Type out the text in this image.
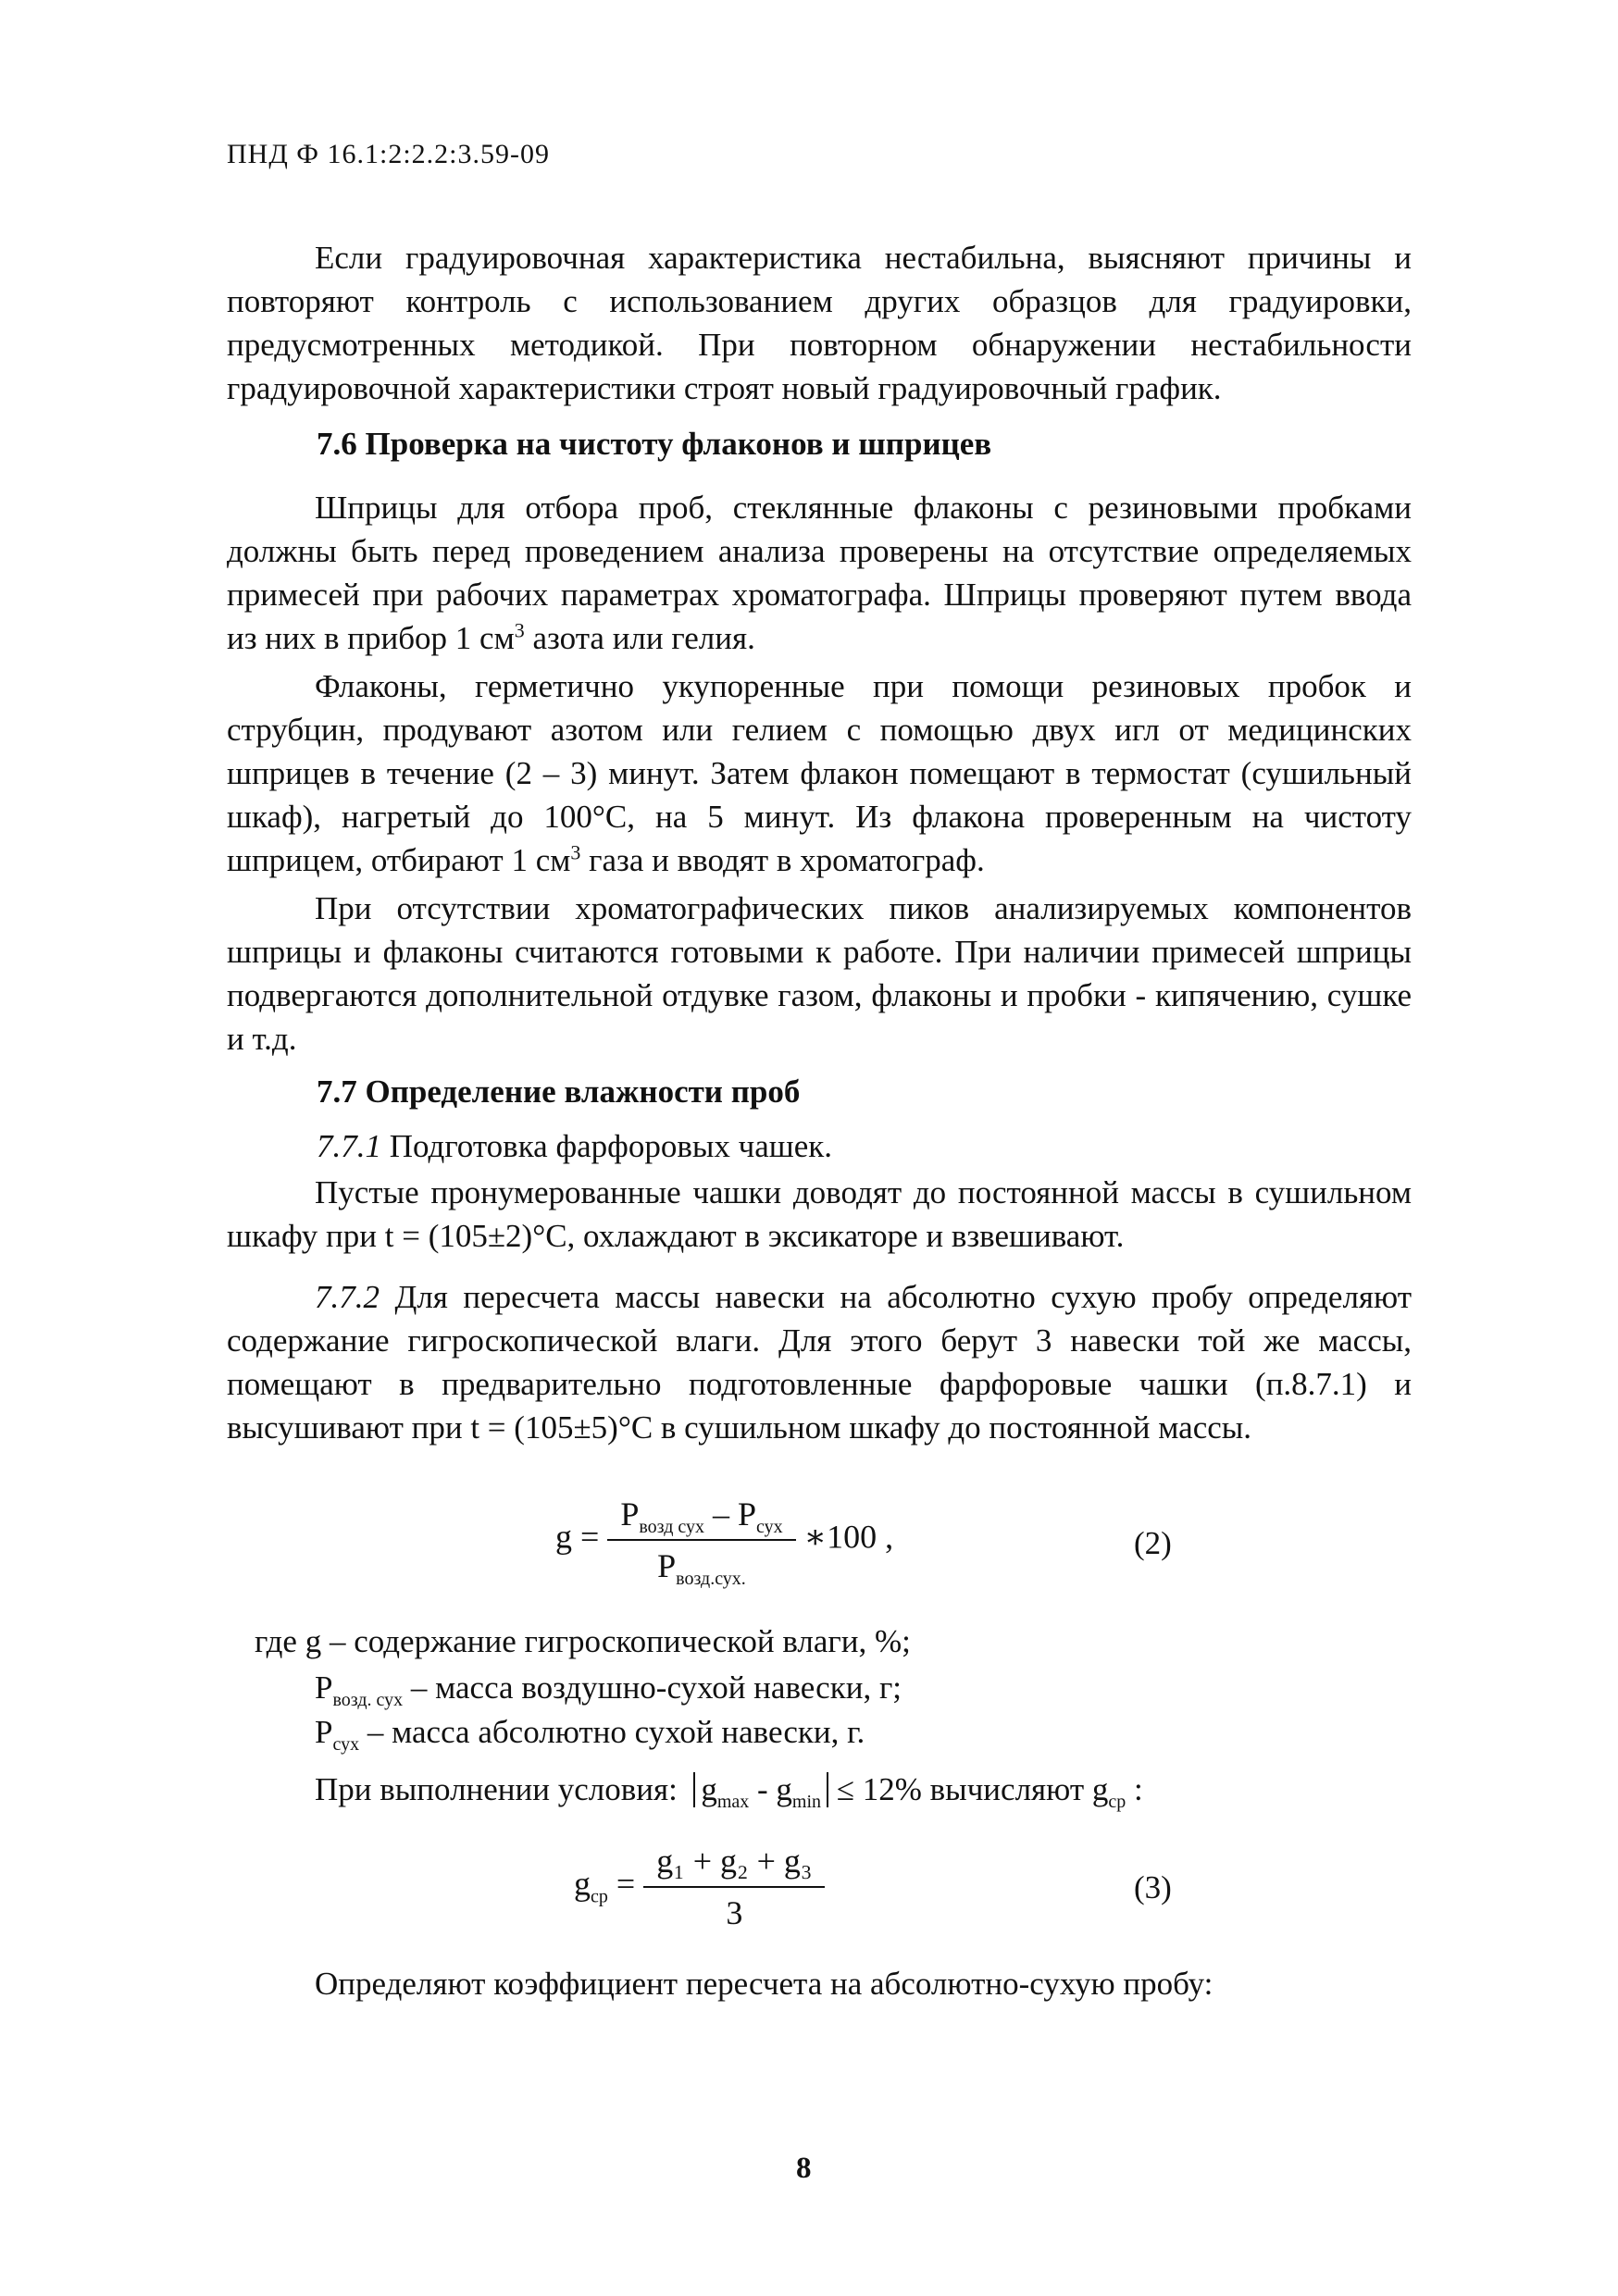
ПНД Ф 16.1:2:2.2:3.59-09
Если градуировочная характеристика нестабильна, выясняют причины и повторяют контроль с использованием других образцов для градуировки, предусмотренных методикой. При повторном обнаружении нестабильности градуировочной характеристики строят новый градуировочный график.
7.6 Проверка на чистоту флаконов и шприцев
Шприцы для отбора проб, стеклянные флаконы с резиновыми пробками должны быть перед проведением анализа проверены на отсутствие определяемых примесей при рабочих параметрах хроматографа. Шприцы проверяют путем ввода из них в прибор 1 $см^3$ азота или гелия.
Флаконы, герметично укупоренные при помощи резиновых пробок и струбцин, продувают азотом или гелием с помощью двух игл от медицинских шприцев в течение (2 – 3) минут. Затем флакон помещают в термостат (сушильный шкаф), нагретый до 100°С, на 5 минут. Из флакона проверенным на чистоту шприцем, отбирают 1 $см^3$ газа и вводят в хроматограф.
При отсутствии хроматографических пиков анализируемых компонентов шприцы и флаконы считаются готовыми к работе. При наличии примесей шприцы подвергаются дополнительной отдувке газом, флаконы и пробки - кипячению, сушке и т.д.
7.7 Определение влажности проб
7.7.1 Подготовка фарфоровых чашек.
Пустые пронумерованные чашки доводят до постоянной массы в сушильном шкафу при t = (105±2)°С, охлаждают в эксикаторе и взвешивают.
7.7.2 Для пересчета массы навески на абсолютно сухую пробу определяют содержание гигроскопической влаги. Для этого берут 3 навески той же массы, помещают в предварительно подготовленные фарфоровые чашки (п.8.7.1) и высушивают при t = (105±5)°С в сушильном шкафу до постоянной массы.
$g = \frac{P_{возд сух} - P_{сух}}{P_{возд.сух.}}$ ∗100 ,	(2)
где g – содержание гигроскопической влаги, %;
$Р_{возд. сух}$ – масса воздушно-сухой навески, г;
$Р_{сух}$ – масса абсолютно сухой навески, г.
При выполнении условия: $g_{max} - g_{min} \le 12\%$ вычисляют $g_{ср}$ :
$g_{ср} = \frac{\text{g₁ + g₂ + g₃}}{3}$	(3)
Определяют коэффициент пересчета на абсолютно-сухую пробу:
8
